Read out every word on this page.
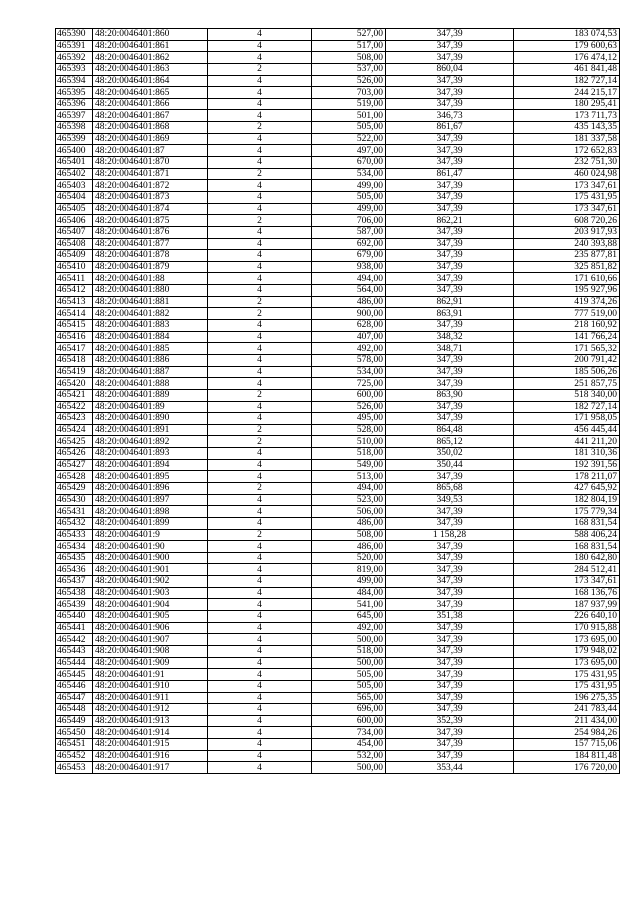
465390	48:20:0046401:860	4	527,00	347,39	183 074,53
465391	48:20:0046401:861	4	517,00	347,39	179 600,63
465392	48:20:0046401:862	4	508,00	347,39	176 474,12
465393	48:20:0046401:863	2	537,00	860,04	461 841,48
465394	48:20:0046401:864	4	526,00	347,39	182 727,14
465395	48:20:0046401:865	4	703,00	347,39	244 215,17
465396	48:20:0046401:866	4	519,00	347,39	180 295,41
465397	48:20:0046401:867	4	501,00	346,73	173 711,73
465398	48:20:0046401:868	2	505,00	861,67	435 143,35
465399	48:20:0046401:869	4	522,00	347,39	181 337,58
465400	48:20:0046401:87	4	497,00	347,39	172 652,83
465401	48:20:0046401:870	4	670,00	347,39	232 751,30
465402	48:20:0046401:871	2	534,00	861,47	460 024,98
465403	48:20:0046401:872	4	499,00	347,39	173 347,61
465404	48:20:0046401:873	4	505,00	347,39	175 431,95
465405	48:20:0046401:874	4	499,00	347,39	173 347,61
465406	48:20:0046401:875	2	706,00	862,21	608 720,26
465407	48:20:0046401:876	4	587,00	347,39	203 917,93
465408	48:20:0046401:877	4	692,00	347,39	240 393,88
465409	48:20:0046401:878	4	679,00	347,39	235 877,81
465410	48:20:0046401:879	4	938,00	347,39	325 851,82
465411	48:20:0046401:88	4	494,00	347,39	171 610,66
465412	48:20:0046401:880	4	564,00	347,39	195 927,96
465413	48:20:0046401:881	2	486,00	862,91	419 374,26
465414	48:20:0046401:882	2	900,00	863,91	777 519,00
465415	48:20:0046401:883	4	628,00	347,39	218 160,92
465416	48:20:0046401:884	4	407,00	348,32	141 766,24
465417	48:20:0046401:885	4	492,00	348,71	171 565,32
465418	48:20:0046401:886	4	578,00	347,39	200 791,42
465419	48:20:0046401:887	4	534,00	347,39	185 506,26
465420	48:20:0046401:888	4	725,00	347,39	251 857,75
465421	48:20:0046401:889	2	600,00	863,90	518 340,00
465422	48:20:0046401:89	4	526,00	347,39	182 727,14
465423	48:20:0046401:890	4	495,00	347,39	171 958,05
465424	48:20:0046401:891	2	528,00	864,48	456 445,44
465425	48:20:0046401:892	2	510,00	865,12	441 211,20
465426	48:20:0046401:893	4	518,00	350,02	181 310,36
465427	48:20:0046401:894	4	549,00	350,44	192 391,56
465428	48:20:0046401:895	4	513,00	347,39	178 211,07
465429	48:20:0046401:896	2	494,00	865,68	427 645,92
465430	48:20:0046401:897	4	523,00	349,53	182 804,19
465431	48:20:0046401:898	4	506,00	347,39	175 779,34
465432	48:20:0046401:899	4	486,00	347,39	168 831,54
465433	48:20:0046401:9	2	508,00	1 158,28	588 406,24
465434	48:20:0046401:90	4	486,00	347,39	168 831,54
465435	48:20:0046401:900	4	520,00	347,39	180 642,80
465436	48:20:0046401:901	4	819,00	347,39	284 512,41
465437	48:20:0046401:902	4	499,00	347,39	173 347,61
465438	48:20:0046401:903	4	484,00	347,39	168 136,76
465439	48:20:0046401:904	4	541,00	347,39	187 937,99
465440	48:20:0046401:905	4	645,00	351,38	226 640,10
465441	48:20:0046401:906	4	492,00	347,39	170 915,88
465442	48:20:0046401:907	4	500,00	347,39	173 695,00
465443	48:20:0046401:908	4	518,00	347,39	179 948,02
465444	48:20:0046401:909	4	500,00	347,39	173 695,00
465445	48:20:0046401:91	4	505,00	347,39	175 431,95
465446	48:20:0046401:910	4	505,00	347,39	175 431,95
465447	48:20:0046401:911	4	565,00	347,39	196 275,35
465448	48:20:0046401:912	4	696,00	347,39	241 783,44
465449	48:20:0046401:913	4	600,00	352,39	211 434,00
465450	48:20:0046401:914	4	734,00	347,39	254 984,26
465451	48:20:0046401:915	4	454,00	347,39	157 715,06
465452	48:20:0046401:916	4	532,00	347,39	184 811,48
465453	48:20:0046401:917	4	500,00	353,44	176 720,00
